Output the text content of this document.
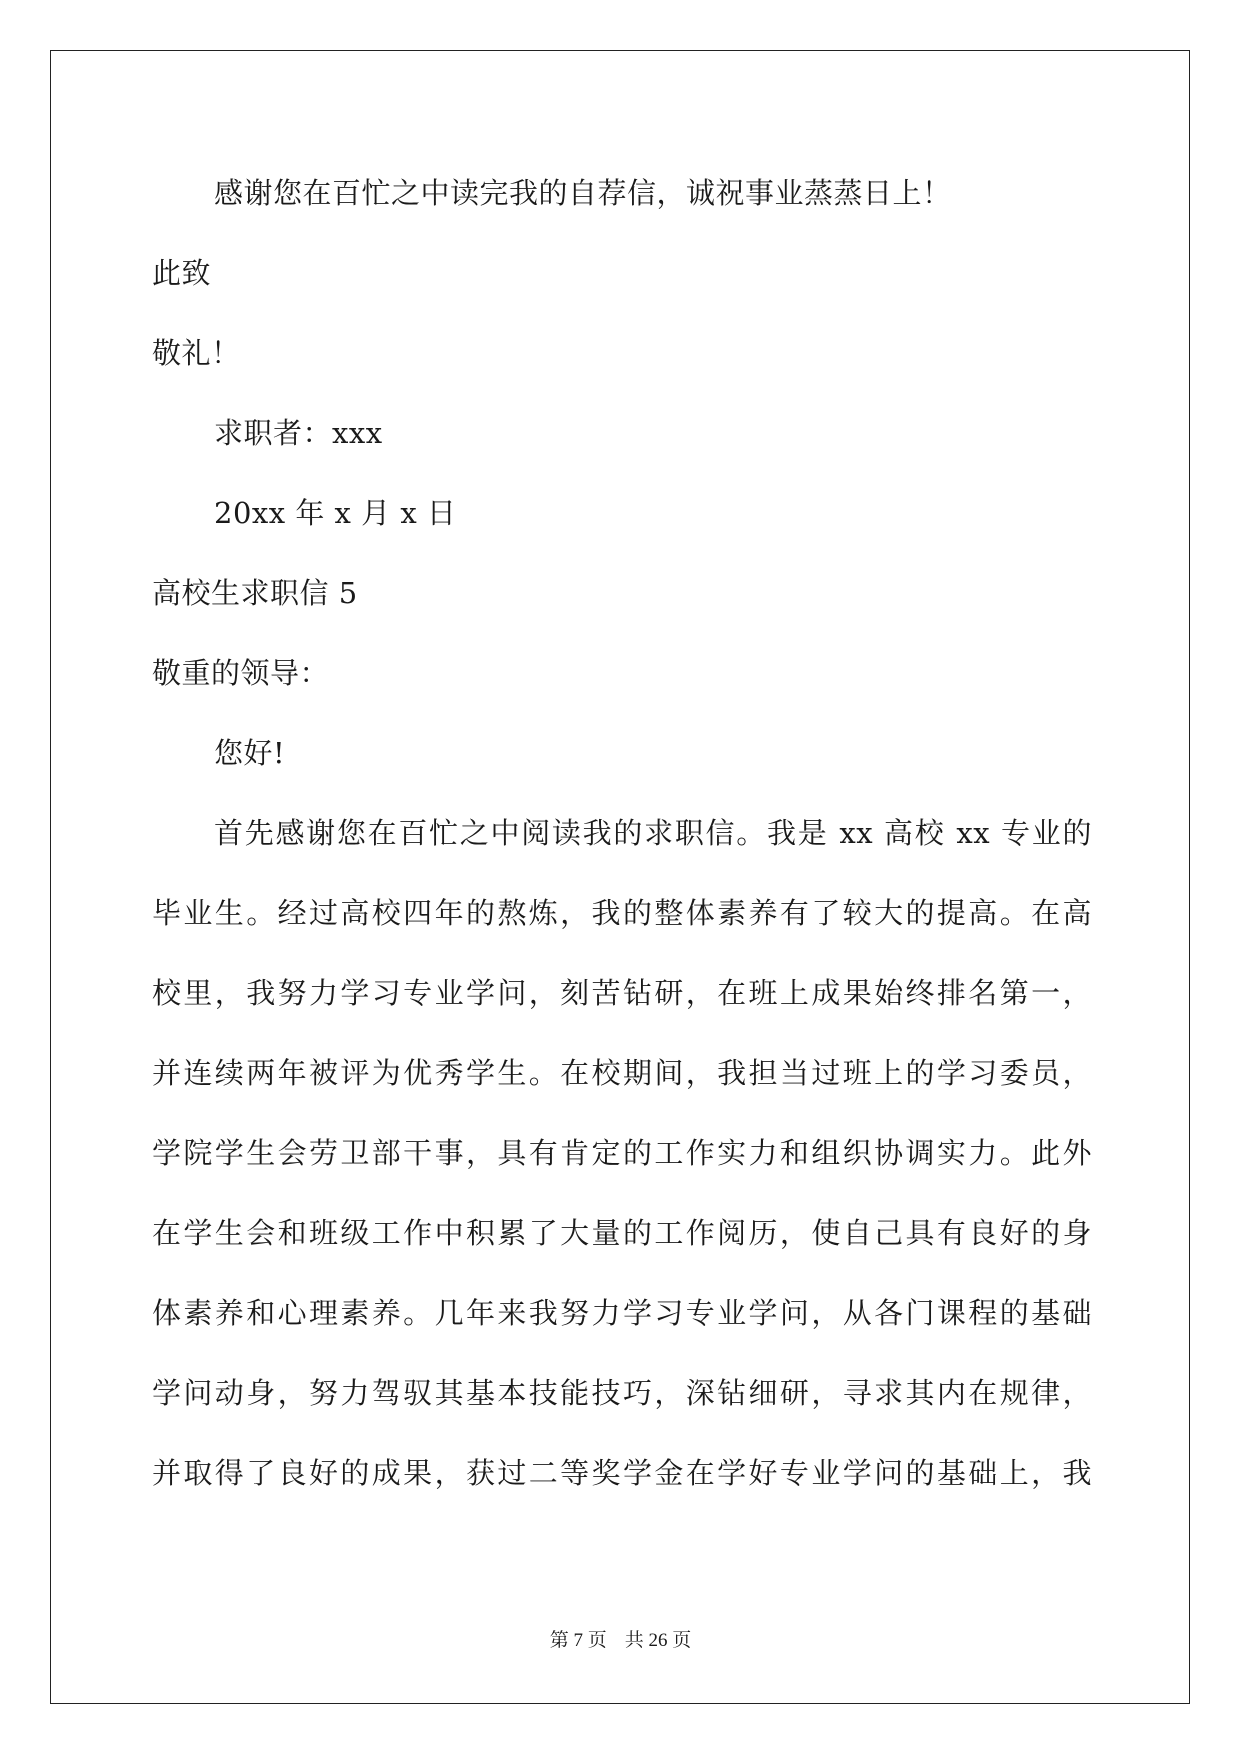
感谢您在百忙之中读完我的自荐信，诚祝事业蒸蒸日上！
此致
敬礼！
求职者：xxx
20xx 年 x 月 x 日
高校生求职信 5
敬重的领导：
您好!
首先感谢您在百忙之中阅读我的求职信。我是 xx 高校 xx 专业的
毕业生。经过高校四年的熬炼，我的整体素养有了较大的提高。在高
校里，我努力学习专业学问，刻苦钻研，在班上成果始终排名第一，
并连续两年被评为优秀学生。在校期间，我担当过班上的学习委员，
学院学生会劳卫部干事，具有肯定的工作实力和组织协调实力。此外
在学生会和班级工作中积累了大量的工作阅历，使自己具有良好的身
体素养和心理素养。几年来我努力学习专业学问，从各门课程的基础
学问动身，努力驾驭其基本技能技巧，深钻细研，寻求其内在规律，
并取得了良好的成果，获过二等奖学金在学好专业学问的基础上，我
第 7 页 共 26 页
